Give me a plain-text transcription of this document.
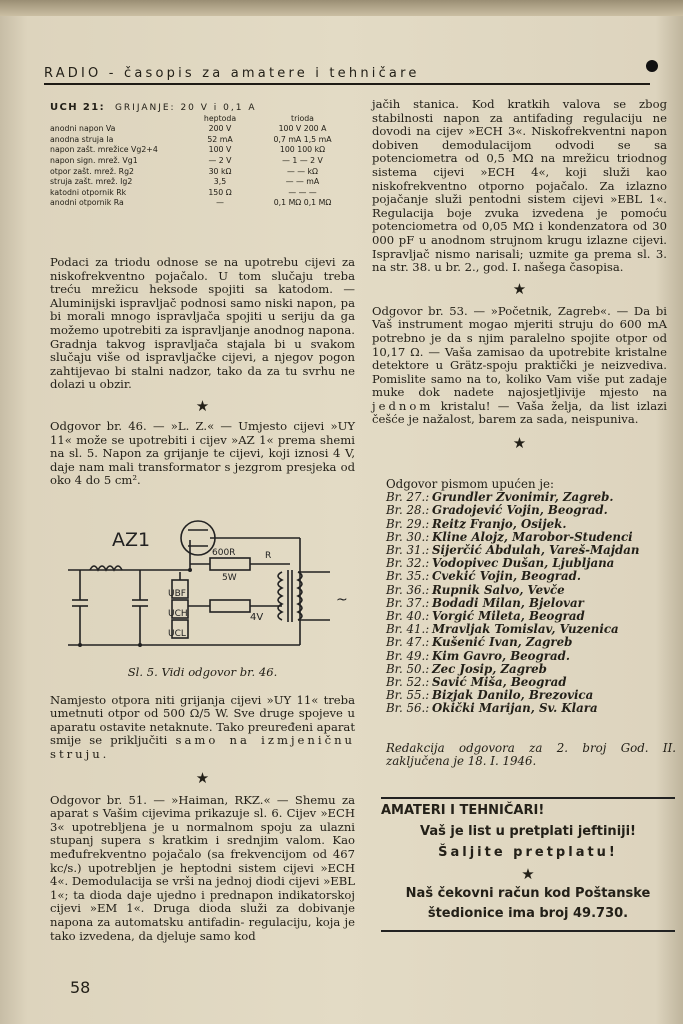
RADIO - časopis za amatere i tehničare
UCH 21: GRIJANJE: 20 V i 0,1 A
	heptoda	trioda
anodni napon Va	200 V	100 V 200 A
anodna struja Ia	52 mA	0,7 mA 1,5 mA
napon zašt. mrežice Vg2+4	100 V	100 100 kΩ
napon sign. mrež. Vg1	— 2 V	— 1 — 2 V
otpor zašt. mrež. Rg2	30 kΩ	— — kΩ
struja zašt. mrež. Ig2	3,5	— — mA
katodni otpornik Rk	150 Ω	— — —
anodni otpornik Ra	—	0,1 MΩ 0,1 MΩ

Podaci za triodu odnose se na upotrebu cijevi za niskofrekventno pojačalo. U tom slučaju treba treću mrežicu heksode spojiti sa katodom. — Aluminijski ispravljač podnosi samo niski napon, pa bi morali mnogo ispravljača spojiti u seriju da ga možemo upotrebiti za ispravljanje anodnog napona. Gradnja takvog ispravljača stajala bi u svakom slučaju više od ispravljačke cijevi, a njegov pogon zahtijevao bi stalni nadzor, tako da za tu svrhu ne dolazi u obzir.

★

Odgovor br. 46. — »L. Z.« — Umjesto cijevi »UY 11« može se upotrebiti i cijev »AZ 1« prema shemi na sl. 5. Napon za grijanje te cijevi, koji iznosi 4 V, daje nam mali transformator s jezgrom presjeka od oko 4 do 5 cm².

AZ1
600R	R
5W
4V
UBF
UCH
UCL
~
Sl. 5. Vidi odgovor br. 46.

Namjesto otpora niti grijanja cijevi »UY 11« treba umetnuti otpor od 500 Ω/5 W. Sve druge spojeve u aparatu ostavite netaknute. Tako preuređeni aparat smije se priključiti samo na izmjeničnu struju.

★

Odgovor br. 51. — »Haiman, RKZ.« — Shemu za aparat s Vašim cijevima prikazuje sl. 6. Cijev »ECH 3« upotrebljena je u normalnom spoju za ulazni stupanj supera s kratkim i srednjim valom. Kao međufrekventno pojačalo (sa frekvencijom od 467 kc/s.) upotrebljen je heptodni sistem cijevi »ECH 4«. Demodulacija se vrši na jednoj diodi cijevi »EBL 1«; ta dioda daje ujedno i prednapon indikatorskoj cijevi »EM 1«. Druga dioda služi za dobivanje napona za automatsku antifadin- regulaciju, koja je tako izvedena, da djeluje samo kod

jačih stanica. Kod kratkih valova se zbog stabilnosti napon za antifading regulaciju ne dovodi na cijev »ECH 3«. Niskofrekventni napon dobiven demodulacijom odvodi se sa potenciometra od 0,5 MΩ na mrežicu triodnog sistema cijevi »ECH 4«, koji služi kao niskofrekventno otporno pojačalo. Za izlazno pojačanje služi pentodni sistem cijevi »EBL 1«. Regulacija boje zvuka izvedena je pomoću potenciometra od 0,05 MΩ i kondenzatora od 30 000 pF u anodnom strujnom krugu izlazne cijevi. Ispravljač nismo narisali; uzmite ga prema sl. 3. na str. 38. u br. 2., god. I. našega časopisa.

★

Odgovor br. 53. — »Početnik, Zagreb«. — Da bi Vaš instrument mogao mjeriti struju do 600 mA potrebno je da s njim paralelno spojite otpor od 10,17 Ω. — Vaša zamisao da upotrebite kristalne detektore u Grätz-spoju praktički je neizvediva. Pomislite samo na to, koliko Vam više put zadaje muke dok nadete najosjetljivije mjesto na jednom kristalu! — Vaša želja, da list izlazi češće je nažalost, barem za sada, neispuniva.

★
Odgovor pismom upućen je:
Br. 27.: Grundler Zvonimir, Zagreb.
Br. 28.: Gradojević Vojin, Beograd.
Br. 29.: Reitz Franjo, Osijek.
Br. 30.: Kline Alojz, Marobor-Studenci
Br. 31.: Sijerčić Abdulah, Vareš-Majdan
Br. 32.: Vodopivec Dušan, Ljubljana
Br. 35.: Cvekić Vojin, Beograd.
Br. 36.: Rupnik Salvo, Vevče
Br. 37.: Bodadi Milan, Bjelovar
Br. 40.: Vorgić Mileta, Beograd
Br. 41.: Mravljak Tomislav, Vuzenica
Br. 47.: Kušenić Ivan, Zagreb
Br. 49.: Kim Gavro, Beograd.
Br. 50.: Zec Josip, Zagreb
Br. 52.: Savić Miša, Beograd
Br. 55.: Bizjak Danilo, Brezovica
Br. 56.: Okički Marijan, Sv. Klara
Redakcija odgovora za 2. broj God. II. zaključena je 18. I. 1946.
AMATERI I TEHNIČARI!
Vaš je list u pretplati jeftiniji!
Šaljite pretplatu!
★
Naš čekovni račun kod Poštanske štedionice ima broj 49.730.
58
